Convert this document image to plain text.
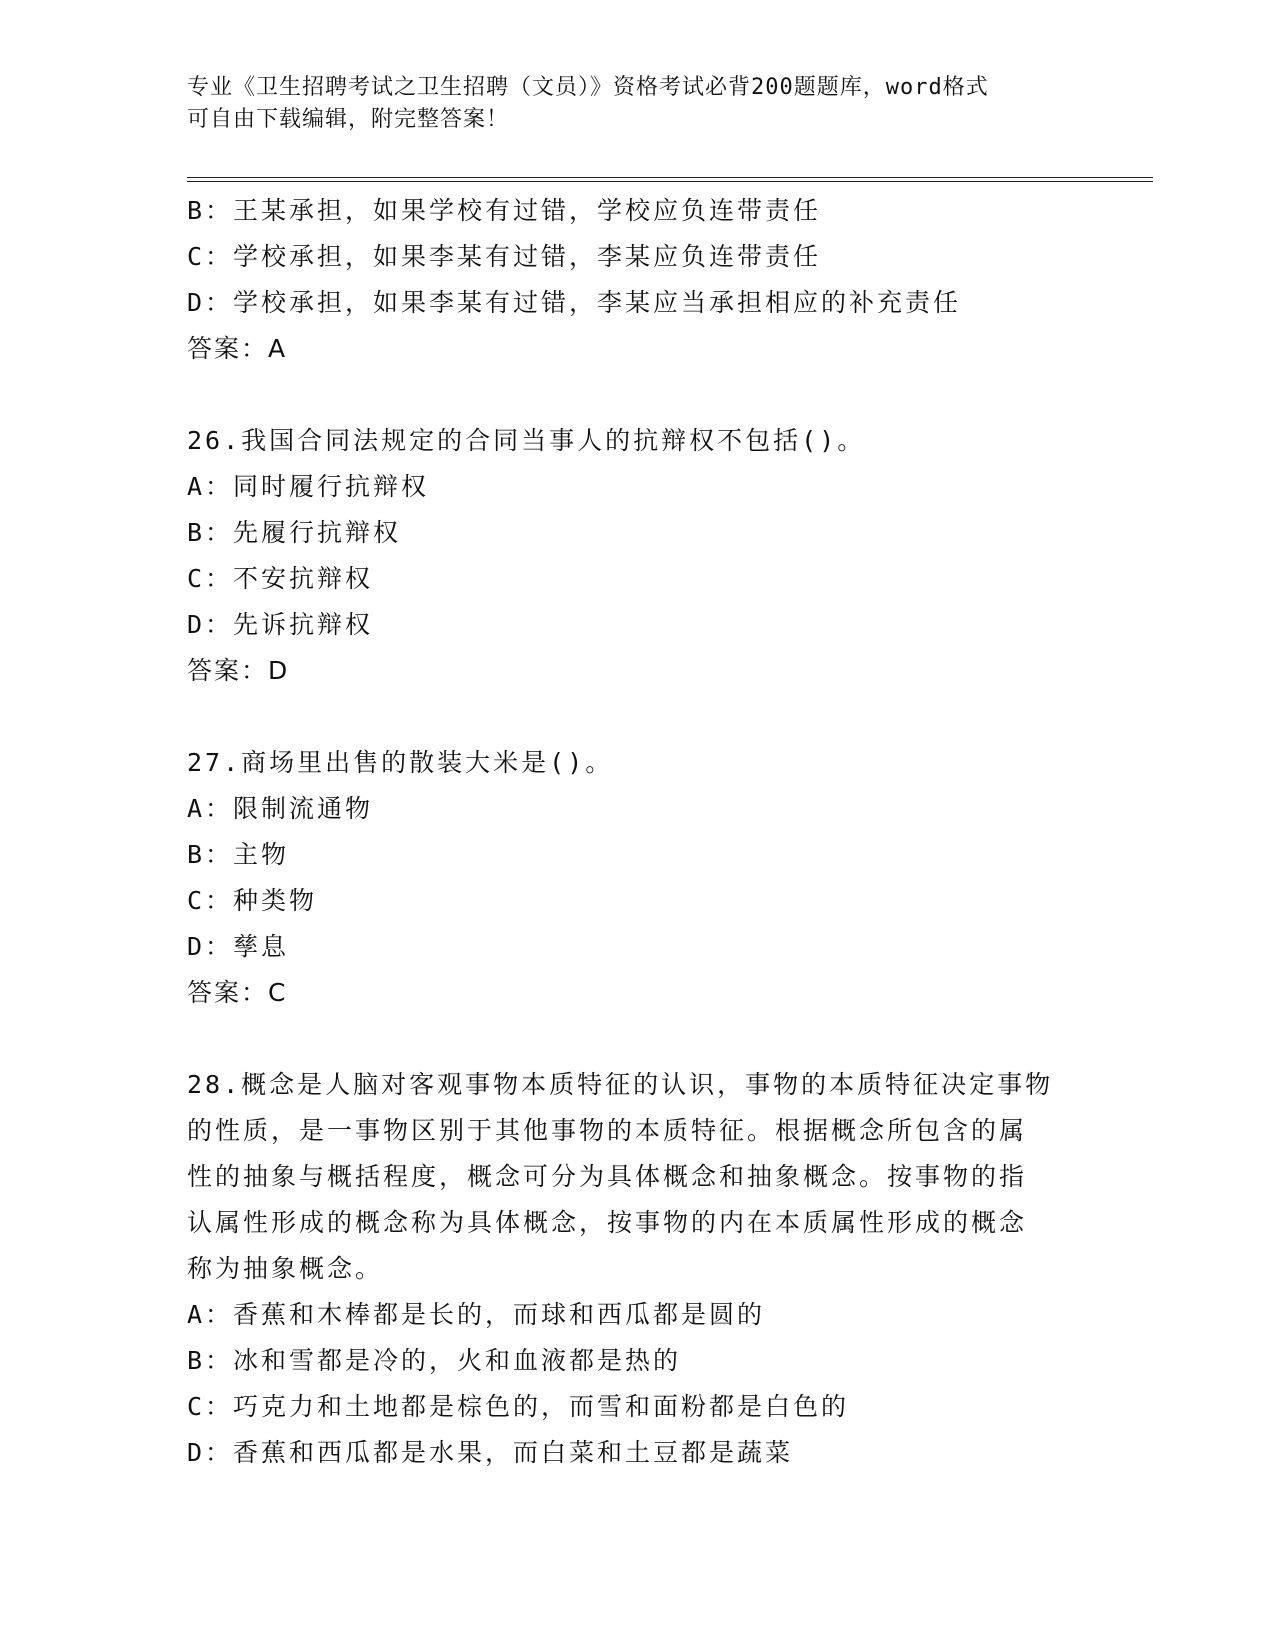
专业《卫生招聘考试之卫生招聘（文员）》资格考试必背200题题库，word格式

可自由下载编辑，附完整答案！

B：王某承担，如果学校有过错，学校应负连带责任
C：学校承担，如果李某有过错，李某应负连带责任
D：学校承担，如果李某有过错，李某应当承担相应的补充责任
答案：A
26.我国合同法规定的合同当事人的抗辩权不包括()。
A：同时履行抗辩权
B：先履行抗辩权
C：不安抗辩权
D：先诉抗辩权
答案：D
27.商场里出售的散装大米是()。
A：限制流通物
B：主物
C：种类物
D：孳息
答案：C
28.概念是人脑对客观事物本质特征的认识，事物的本质特征决定事物
的性质，是一事物区别于其他事物的本质特征。根据概念所包含的属
性的抽象与概括程度，概念可分为具体概念和抽象概念。按事物的指
认属性形成的概念称为具体概念，按事物的内在本质属性形成的概念
称为抽象概念。
A：香蕉和木棒都是长的，而球和西瓜都是圆的
B：冰和雪都是冷的，火和血液都是热的
C：巧克力和土地都是棕色的，而雪和面粉都是白色的
D：香蕉和西瓜都是水果，而白菜和土豆都是蔬菜
